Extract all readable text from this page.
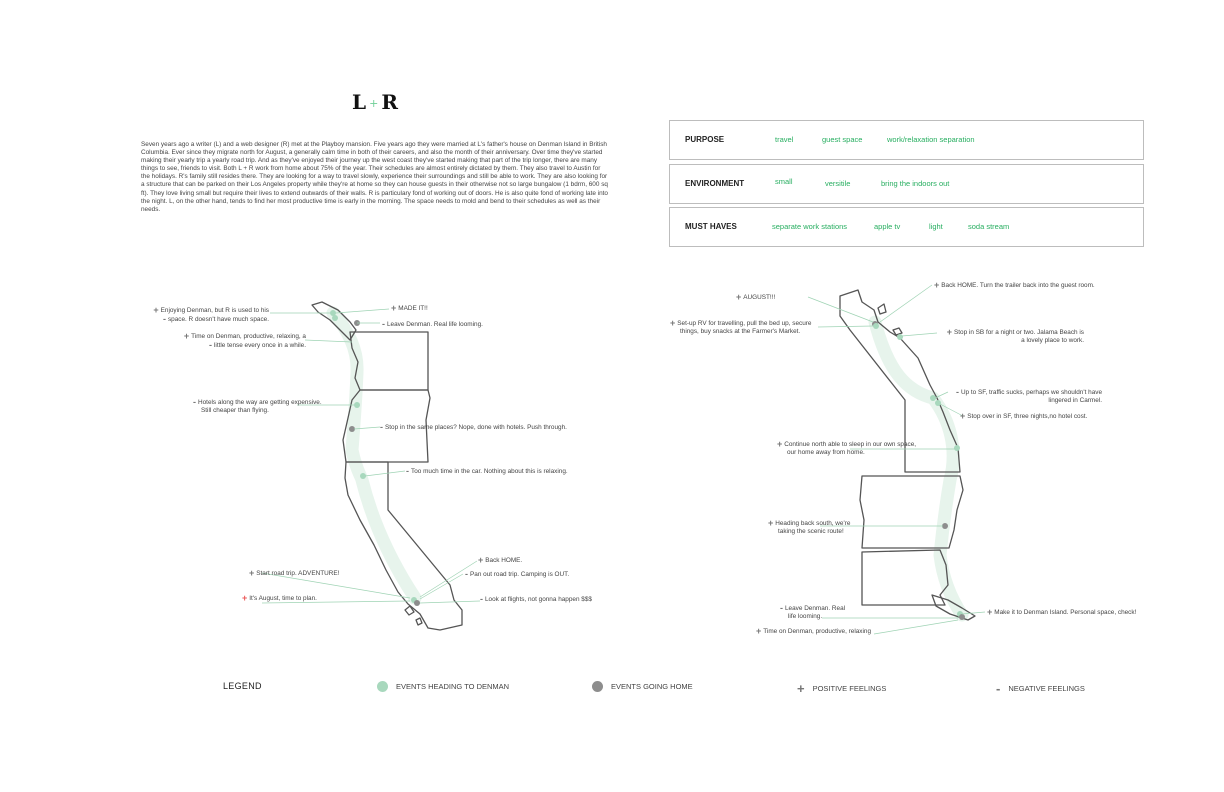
L + R

Seven years ago a writer (L) and a web designer (R) met at the Playboy mansion. Five years ago they were married at L's father's house on Denman Island in British Columbia. Ever since they migrate north for August, a generally calm time in both of their careers, and also the month of their anniversary. Over time they've started making their yearly trip a yearly road trip. And as they've enjoyed their journey up the west coast they've started making that part of the trip longer, there are many things to see, friends to visit. Both L + R work from home about 75% of the year. Their schedules are almost entirely dictated by them. They also travel to Austin for the holidays. R's family still resides there. They are looking for a way to travel slowly, experience their surroundings and still be able to work. They are also looking for a structure that can be parked on their Los Angeles property while they're at home so they can house guests in their otherwise not so large bungalow (1 bdrm, 600 sq ft). They love living small but require their lives to extend outwards of their walls. R is particulary fond of working out of doors. He is also quite fond of working late into the night. L, on the other hand, tends to find her most productive time is early in the morning. The space needs to mold and bend to their schedules as well as their needs.

PURPOSE	travel	guest space	work/relaxation separation
ENVIRONMENT	small	versitile	bring the indoors out
MUST HAVES	separate work stations	apple tv	light	soda stream
+ Enjoying Denman, but R is used to his
- space. R doesn't have much space.
+ Time on Denman, productive, relaxing, a
- little tense every once in a while.
+ MADE IT!!
- Leave Denman. Real life looming.
- Hotels along the way are getting expensive.
Still cheaper than flying.
- Stop in the same places? Nope, done with hotels. Push through.
- Too much time in the car. Nothing about this is relaxing.
+ Back HOME.
- Pan out road trip. Camping is OUT.
+ Start road trip. ADVENTURE!
+ It's August, time to plan.	- Look at flights, not gonna happen $$$
+ AUGUST!!!
+ Set-up RV for travelling, pull the bed up, secure
things, buy snacks at the Farmer's Market.
+ Back HOME. Turn the trailer back into the guest room.
+ Stop in SB for a night or two. Jalama Beach is
a lovely place to work.
- Up to SF, traffic sucks, perhaps we shouldn't have
lingered in Carmel.
+ Stop over in SF, three nights,no hotel cost.
+ Continue north able to sleep in our own space,
our home away from home.
+ Heading back south, we're
taking the scenic route!
- Leave Denman. Real
life looming.	+ Make it to Denman Island. Personal space, check!
+ Time on Denman, productive, relaxing
LEGEND	EVENTS HEADING TO DENMAN	EVENTS GOING HOME	+ POSITIVE FEELINGS	- NEGATIVE FEELINGS
